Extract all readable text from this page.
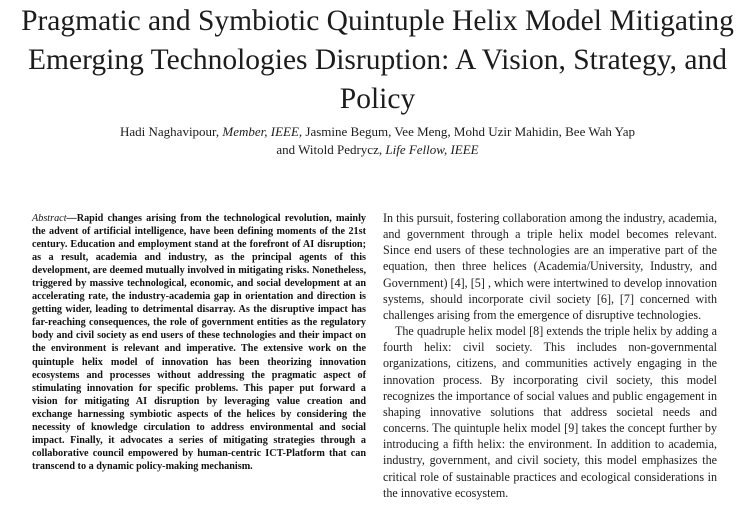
Pragmatic and Symbiotic Quintuple Helix Model Mitigating Emerging Technologies Disruption: A Vision, Strategy, and Policy
Hadi Naghavipour, Member, IEEE, Jasmine Begum, Vee Meng, Mohd Uzir Mahidin, Bee Wah Yap
and Witold Pedrycz, Life Fellow, IEEE

Abstract—Rapid changes arising from the technological revolution, mainly the advent of artificial intelligence, have been defining moments of the 21st century. Education and employment stand at the forefront of AI disruption; as a result, academia and industry, as the principal agents of this development, are deemed mutually involved in mitigating risks. Nonetheless, triggered by massive technological, economic, and social development at an accelerating rate, the industry-academia gap in orientation and direction is getting wider, leading to detrimental disarray. As the disruptive impact has far-reaching consequences, the role of government entities as the regulatory body and civil society as end users of these technologies and their impact on the environment is relevant and imperative. The extensive work on the quintuple helix model of innovation has been theorizing innovation ecosystems and processes without addressing the pragmatic aspect of stimulating innovation for specific problems. This paper put forward a vision for mitigating AI disruption by leveraging value creation and exchange harnessing symbiotic aspects of the helices by considering the necessity of knowledge circulation to address environmental and social impact. Finally, it advocates a series of mitigating strategies through a collaborative council empowered by human-centric ICT-Platform that can transcend to a dynamic policy-making mechanism.

In this pursuit, fostering collaboration among the industry, academia, and government through a triple helix model becomes relevant. Since end users of these technologies are an imperative part of the equation, then three helices (Academia/University, Industry, and Government) [4], [5] , which were intertwined to develop innovation systems, should incorporate civil society [6], [7] concerned with challenges arising from the emergence of disruptive technologies.

The quadruple helix model [8] extends the triple helix by adding a fourth helix: civil society. This includes non-governmental organizations, citizens, and communities actively engaging in the innovation process. By incorporating civil society, this model recognizes the importance of social values and public engagement in shaping innovative solutions that address societal needs and concerns. The quintuple helix model [9] takes the concept further by introducing a fifth helix: the environment. In addition to academia, industry, government, and civil society, this model emphasizes the critical role of sustainable practices and ecological considerations in the innovative ecosystem.
